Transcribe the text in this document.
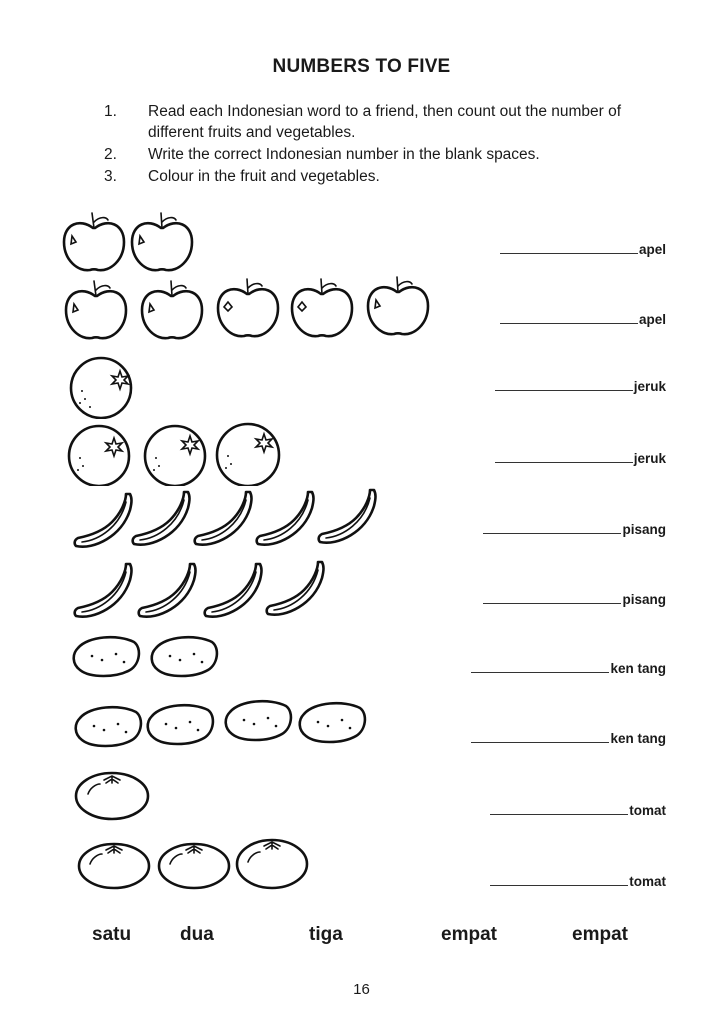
NUMBERS TO FIVE
1.	Read each Indonesian word to a friend, then count out the number of different fruits and vegetables.
2.	Write the correct Indonesian number in the blank spaces.
3.	Colour in the fruit and vegetables.
apel
apel
jeruk
jeruk
pisang
pisang
ken tang
ken tang
tomat
tomat
satu	dua	tiga	empat	empat
16
